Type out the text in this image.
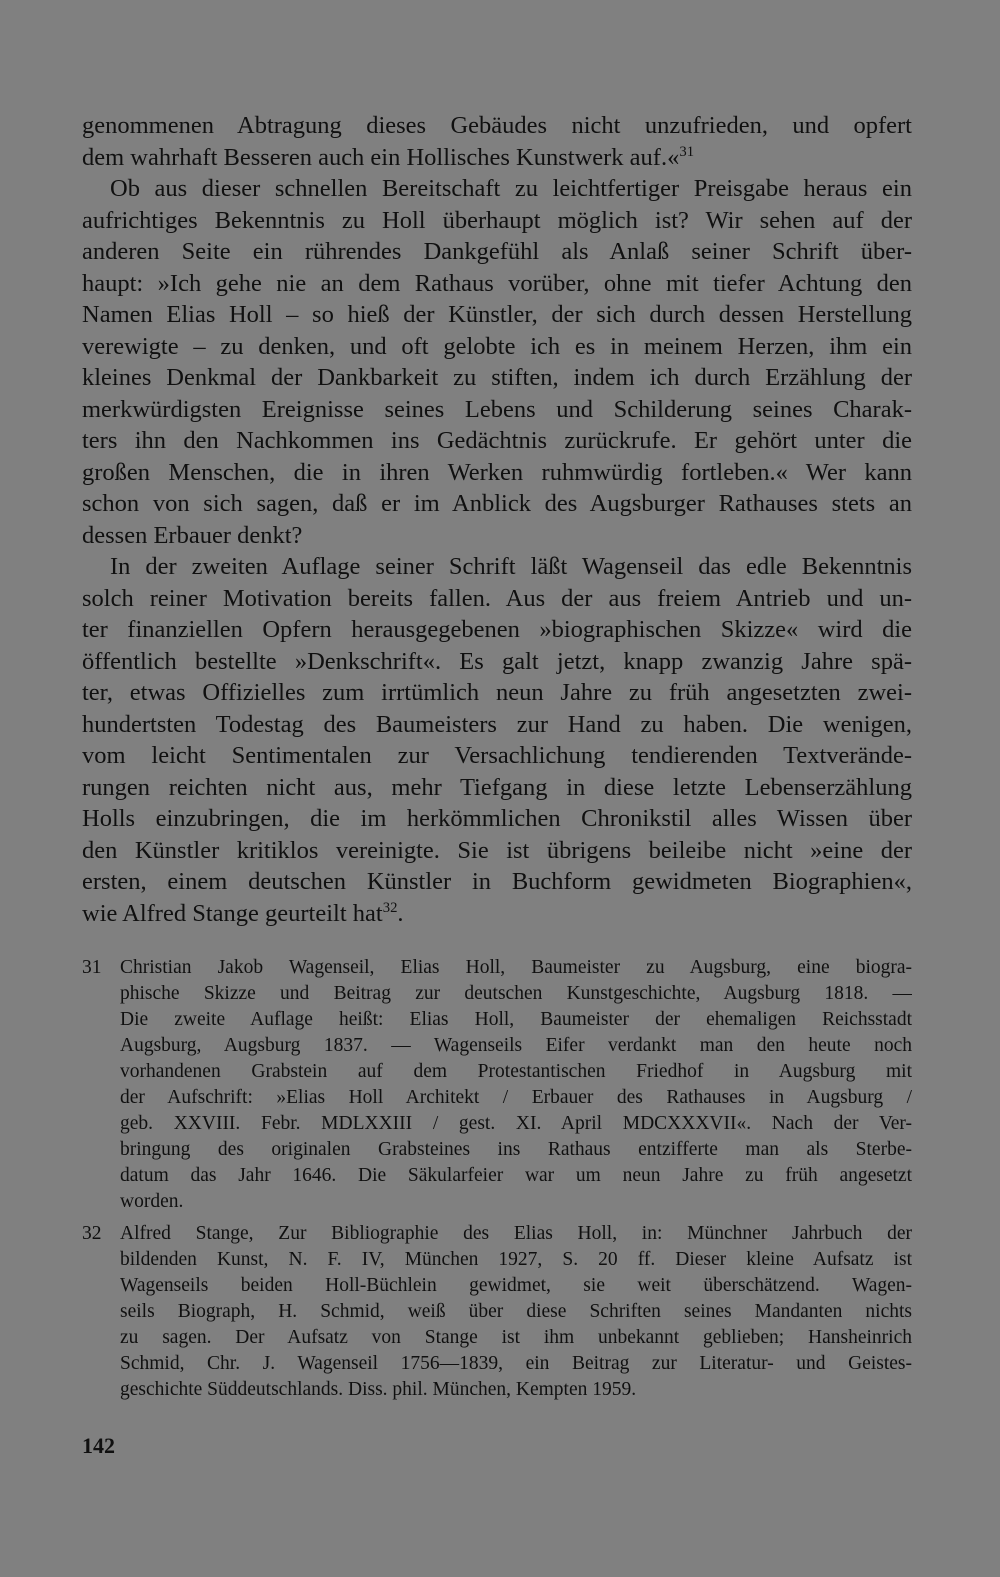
genommenen Abtragung dieses Gebäudes nicht unzufrieden, und opfert
dem wahrhaft Besseren auch ein Hollisches Kunstwerk auf.«$^{31}$
Ob aus dieser schnellen Bereitschaft zu leichtfertiger Preisgabe heraus ein
aufrichtiges Bekenntnis zu Holl überhaupt möglich ist? Wir sehen auf der
anderen Seite ein rührendes Dankgefühl als Anlaß seiner Schrift über-
haupt: »Ich gehe nie an dem Rathaus vorüber, ohne mit tiefer Achtung den
Namen Elias Holl – so hieß der Künstler, der sich durch dessen Herstellung
verewigte – zu denken, und oft gelobte ich es in meinem Herzen, ihm ein
kleines Denkmal der Dankbarkeit zu stiften, indem ich durch Erzählung der
merkwürdigsten Ereignisse seines Lebens und Schilderung seines Charak-
ters ihn den Nachkommen ins Gedächtnis zurückrufe. Er gehört unter die
großen Menschen, die in ihren Werken ruhmwürdig fortleben.« Wer kann
schon von sich sagen, daß er im Anblick des Augsburger Rathauses stets an
dessen Erbauer denkt?
In der zweiten Auflage seiner Schrift läßt Wagenseil das edle Bekenntnis
solch reiner Motivation bereits fallen. Aus der aus freiem Antrieb und un-
ter finanziellen Opfern herausgegebenen »biographischen Skizze« wird die
öffentlich bestellte »Denkschrift«. Es galt jetzt, knapp zwanzig Jahre spä-
ter, etwas Offizielles zum irrtümlich neun Jahre zu früh angesetzten zwei-
hundertsten Todestag des Baumeisters zur Hand zu haben. Die wenigen,
vom leicht Sentimentalen zur Versachlichung tendierenden Textverände-
rungen reichten nicht aus, mehr Tiefgang in diese letzte Lebenserzählung
Holls einzubringen, die im herkömmlichen Chronikstil alles Wissen über
den Künstler kritiklos vereinigte. Sie ist übrigens beileibe nicht »eine der
ersten, einem deutschen Künstler in Buchform gewidmeten Biographien«,
wie Alfred Stange geurteilt hat$^{32}$.
31 Christian Jakob Wagenseil, Elias Holl, Baumeister zu Augsburg, eine biogra-
phische Skizze und Beitrag zur deutschen Kunstgeschichte, Augsburg 1818. —
Die zweite Auflage heißt: Elias Holl, Baumeister der ehemaligen Reichsstadt
Augsburg, Augsburg 1837. — Wagenseils Eifer verdankt man den heute noch
vorhandenen Grabstein auf dem Protestantischen Friedhof in Augsburg mit
der Aufschrift: »Elias Holl Architekt / Erbauer des Rathauses in Augsburg /
geb. XXVIII. Febr. MDLXXIII / gest. XI. April MDCXXXVII«. Nach der Ver-
bringung des originalen Grabsteines ins Rathaus entzifferte man als Sterbe-
datum das Jahr 1646. Die Säkularfeier war um neun Jahre zu früh angesetzt
worden.
32 Alfred Stange, Zur Bibliographie des Elias Holl, in: Münchner Jahrbuch der
bildenden Kunst, N. F. IV, München 1927, S. 20 ff. Dieser kleine Aufsatz ist
Wagenseils beiden Holl-Büchlein gewidmet, sie weit überschätzend. Wagen-
seils Biograph, H. Schmid, weiß über diese Schriften seines Mandanten nichts
zu sagen. Der Aufsatz von Stange ist ihm unbekannt geblieben; Hansheinrich
Schmid, Chr. J. Wagenseil 1756—1839, ein Beitrag zur Literatur- und Geistes-
geschichte Süddeutschlands. Diss. phil. München, Kempten 1959.
142
